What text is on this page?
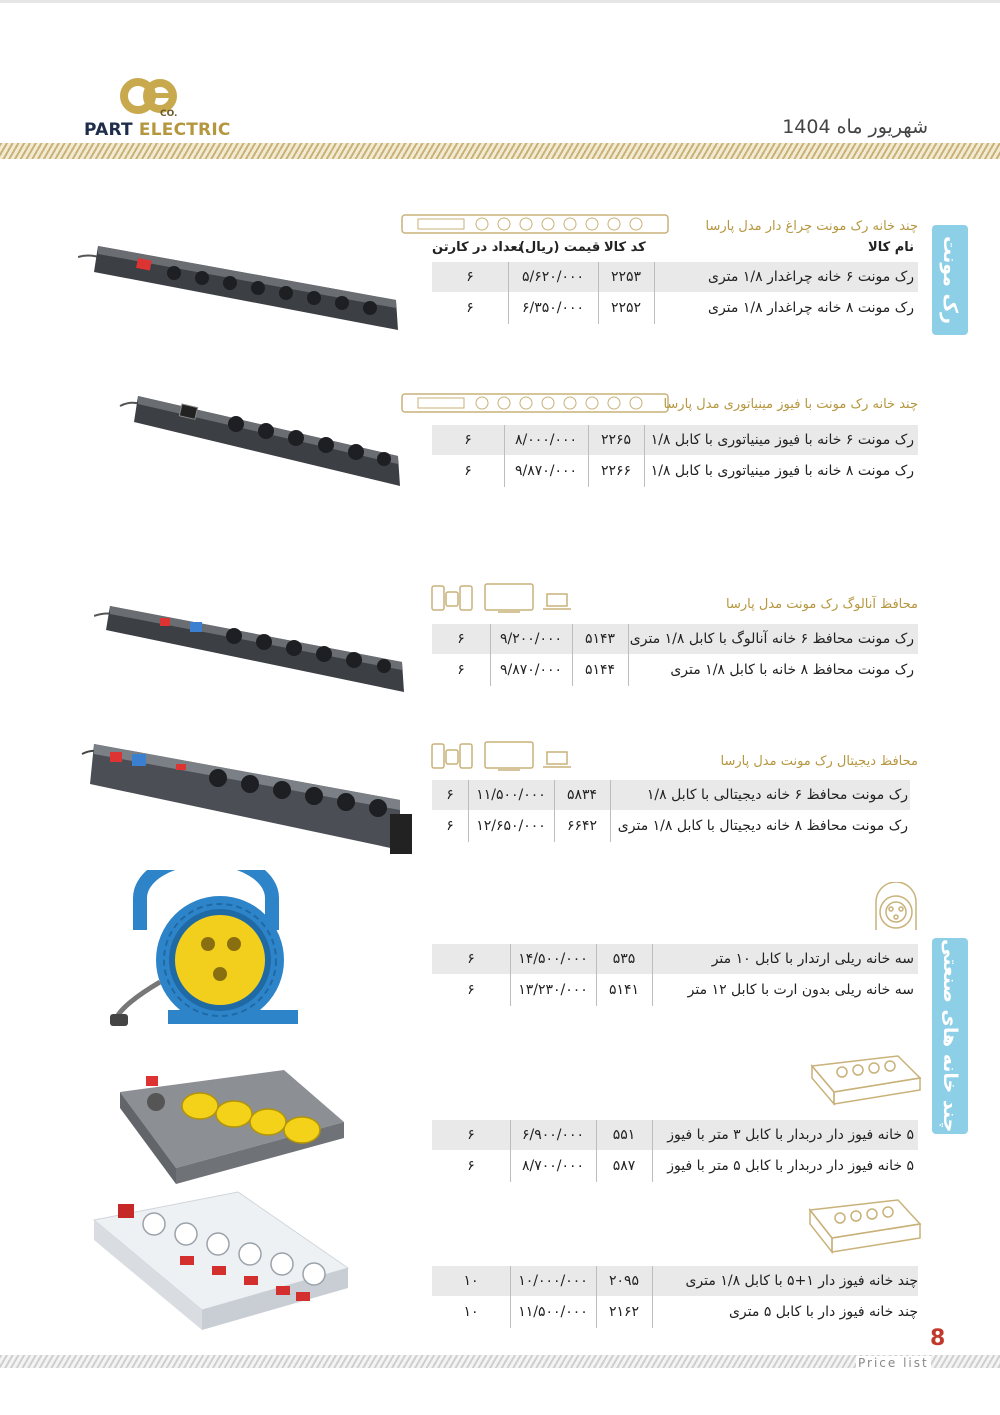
CO.
PART ELECTRIC	شهریور ماه 1404
رک مونت
چند خانه های صنعتی
چند خانه رک مونت چراغ دار مدل پارسا
نام کالا
کد کالا
قیمت (ریال)
تعداد در کارتن
رک مونت ۶ خانه چراغدار ۱/۸ متری
۲۲۵۳
۵/۶۲۰/۰۰۰
۶
رک مونت ۸ خانه چراغدار ۱/۸ متری
۲۲۵۲
۶/۳۵۰/۰۰۰
۶
چند خانه رک مونت با فیوز مینیاتوری مدل پارسا
رک مونت ۶ خانه با فیوز مینیاتوری با کابل ۱/۸
۲۲۶۵
۸/۰۰۰/۰۰۰
۶
رک مونت ۸ خانه با فیوز مینیاتوری با کابل ۱/۸
۲۲۶۶
۹/۸۷۰/۰۰۰
۶
محافظ آنالوگ رک مونت مدل پارسا
رک مونت محافظ ۶ خانه آنالوگ با کابل ۱/۸ متری
۵۱۴۳
۹/۲۰۰/۰۰۰
۶
رک مونت محافظ ۸ خانه با کابل ۱/۸ متری
۵۱۴۴
۹/۸۷۰/۰۰۰
۶
محافظ دیجیتال رک مونت مدل پارسا
رک مونت محافظ ۶ خانه دیجیتالی با کابل ۱/۸
۵۸۳۴
۱۱/۵۰۰/۰۰۰
۶
رک مونت محافظ ۸ خانه دیجیتال با کابل ۱/۸ متری
۶۶۴۲
۱۲/۶۵۰/۰۰۰
۶
سه خانه ریلی ارتدار با کابل ۱۰ متر
۵۳۵
۱۴/۵۰۰/۰۰۰
۶
سه خانه ریلی بدون ارت با کابل ۱۲ متر
۵۱۴۱
۱۳/۲۳۰/۰۰۰
۶
۵ خانه فیوز دار دربدار با کابل ۳ متر با فیوز
۵۵۱
۶/۹۰۰/۰۰۰
۶
۵ خانه فیوز دار دربدار با کابل ۵ متر با فیوز
۵۸۷
۸/۷۰۰/۰۰۰
۶
چند خانه فیوز دار ۱+۵ با کابل ۱/۸ متری
۲۰۹۵
۱۰/۰۰۰/۰۰۰
۱۰
چند خانه فیوز دار با کابل ۵ متری
۲۱۶۲
۱۱/۵۰۰/۰۰۰
۱۰
8
Price list
